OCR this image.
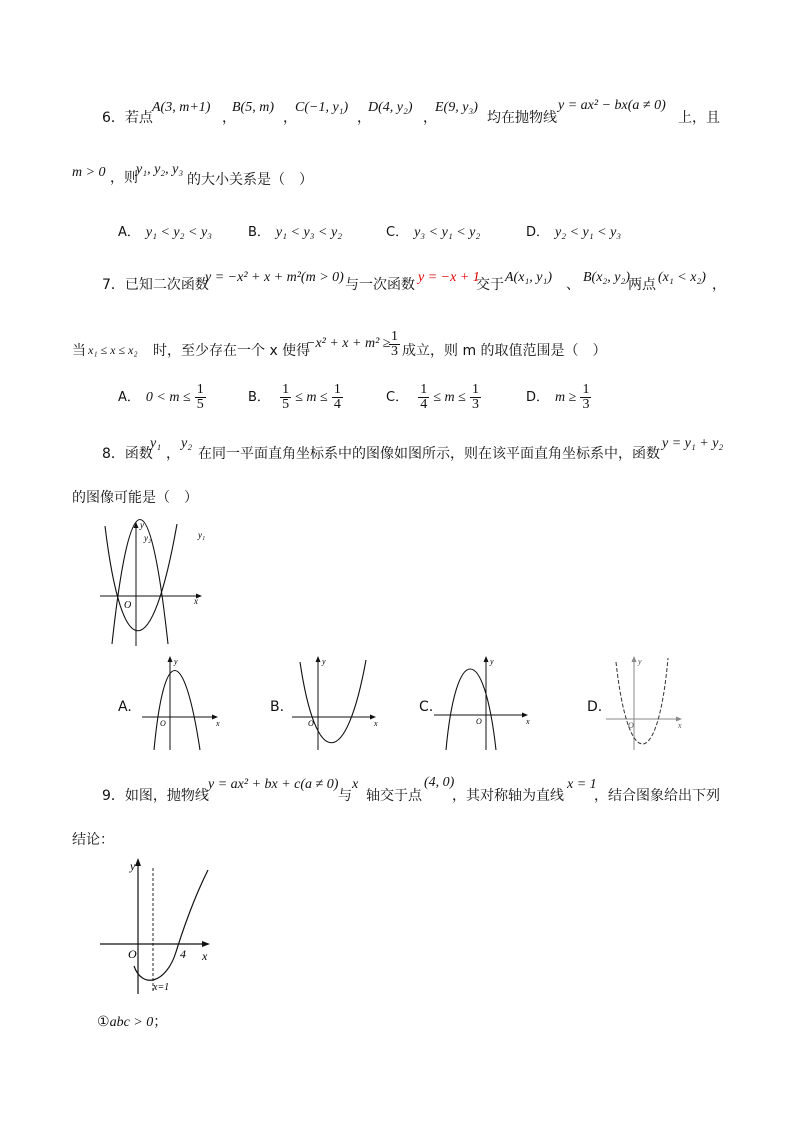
6．若点
A(3, m+1)
，
B(5, m)
，
C(−1, y₁)
，
D(4, y₂)
，
E(9, y₃)
均在抛物线
y = ax² − bx(a ≠ 0)
上，且
m > 0 ，则
y₁, y₂, y₃
的大小关系是（　）
A． y₁ < y₂ < y₃	B． y₁ < y₃ < y₂	C． y₃ < y₁ < y₂	D． y₂ < y₁ < y₃
7．已知二次函数
y = −x² + x + m²(m > 0) 与一次函数 y = −x + 1
交于 A(x₁, y₁) 、 B(x₂, y₂)
两点 (x₁ < x₂) ，
当 x₁ ≤ x ≤ x₂ 时，至少存在一个 x 使得
−x² + x + m² ≥
$\frac{1}{3}$ 成立，则 m 的取值范围是（　）
A． $0 < m \le \frac{1}{5}$	B． $\frac{1}{5} \le m \le \frac{1}{4}$	C． $\frac{1}{4} \le m \le \frac{1}{3}$	D． $m \ge \frac{1}{3}$
8．函数
y₁
，
y₂
在同一平面直角坐标系中的图像如图所示，则在该平面直角坐标系中，函数
y = y₁ + y₂
的图像可能是（　）
y₂	y₁
y
x
O
A.
y
x
O
B.
y
x
O
C.
y
x
O
D.
y
x
O
9．如图，抛物线
y = ax² + bx + c(a ≠ 0)
与
x
轴交于点
(4, 0)
，其对称轴为直线
x = 1
，结合图象给出下列
结论：
y
x
O	4
x=1
①abc > 0；
